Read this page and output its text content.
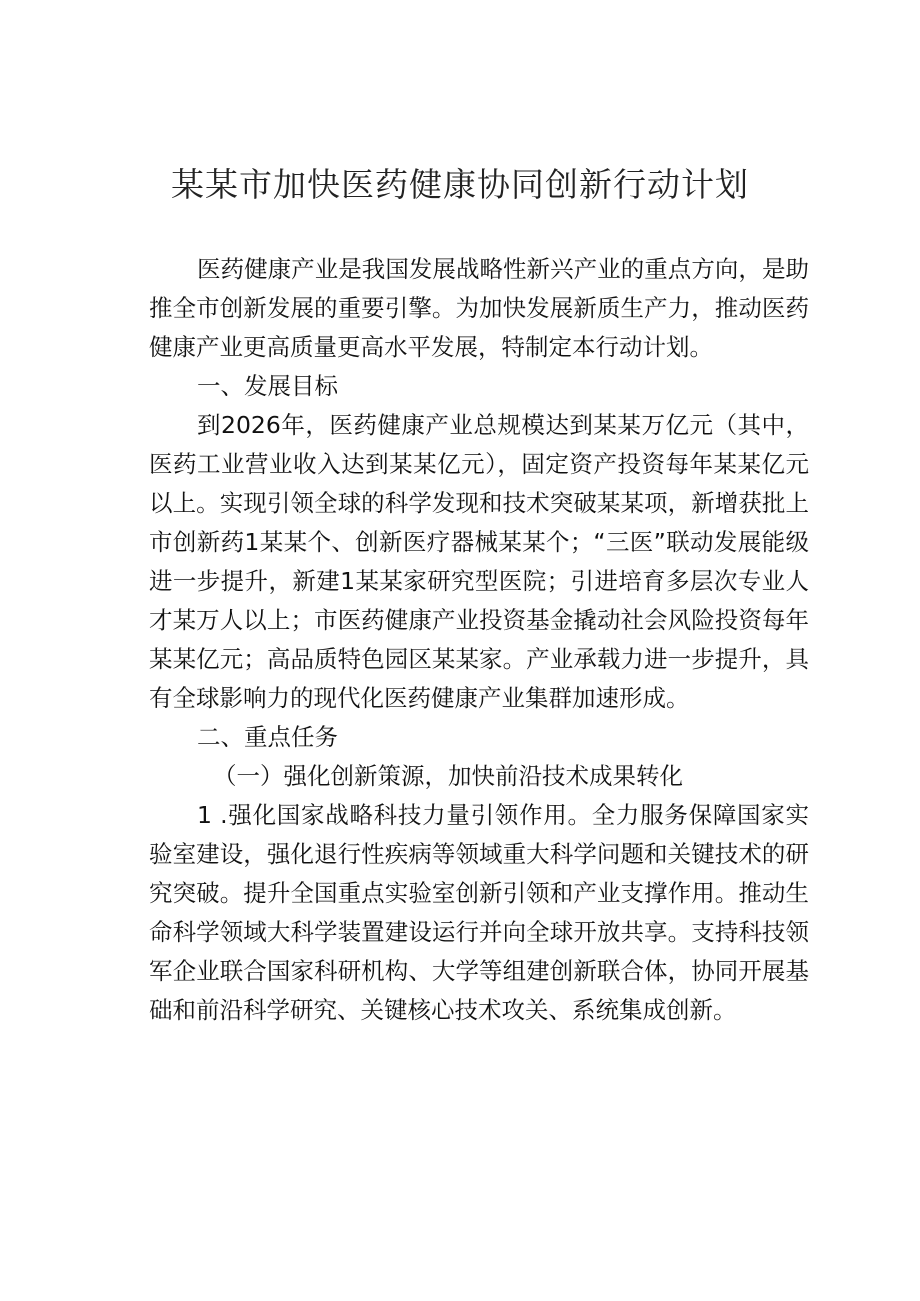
某某市加快医药健康协同创新行动计划

医药健康产业是我国发展战略性新兴产业的重点方向，是助推全市创新发展的重要引擎。为加快发展新质生产力，推动医药健康产业更高质量更高水平发展，特制定本行动计划。

一、发展目标

到2026年，医药健康产业总规模达到某某万亿元（其中，医药工业营业收入达到某某亿元），固定资产投资每年某某亿元以上。实现引领全球的科学发现和技术突破某某项，新增获批上市创新药1某某个、创新医疗器械某某个；“三医”联动发展能级进一步提升，新建1某某家研究型医院；引进培育多层次专业人才某万人以上；市医药健康产业投资基金撬动社会风险投资每年某某亿元；高品质特色园区某某家。产业承载力进一步提升，具有全球影响力的现代化医药健康产业集群加速形成。

二、重点任务

（一）强化创新策源，加快前沿技术成果转化

1 .强化国家战略科技力量引领作用。全力服务保障国家实验室建设，强化退行性疾病等领域重大科学问题和关键技术的研究突破。提升全国重点实验室创新引领和产业支撑作用。推动生命科学领域大科学装置建设运行并向全球开放共享。支持科技领军企业联合国家科研机构、大学等组建创新联合体，协同开展基础和前沿科学研究、关键核心技术攻关、系统集成创新。
